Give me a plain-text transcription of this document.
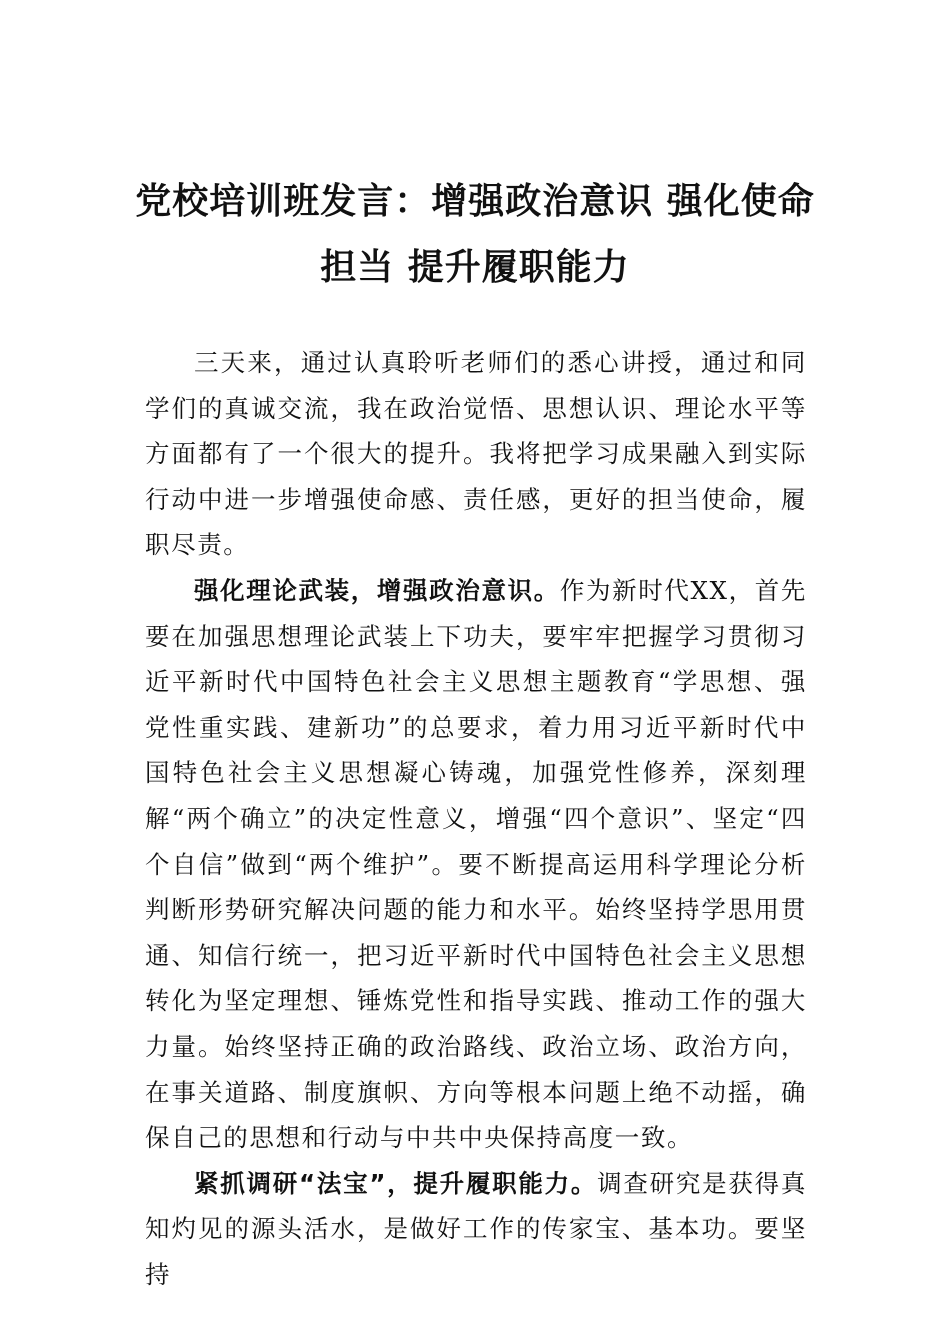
党校培训班发言：增强政治意识 强化使命
担当 提升履职能力

三天来，通过认真聆听老师们的悉心讲授，通过和同学们的真诚交流，我在政治觉悟、思想认识、理论水平等方面都有了一个很大的提升。我将把学习成果融入到实际行动中进一步增强使命感、责任感，更好的担当使命，履职尽责。

强化理论武装，增强政治意识。作为新时代XX，首先要在加强思想理论武装上下功夫，要牢牢把握学习贯彻习近平新时代中国特色社会主义思想主题教育“学思想、强党性重实践、建新功”的总要求，着力用习近平新时代中国特色社会主义思想凝心铸魂，加强党性修养，深刻理解“两个确立”的决定性意义，增强“四个意识”、坚定“四个自信”做到“两个维护”。要不断提高运用科学理论分析判断形势研究解决问题的能力和水平。始终坚持学思用贯通、知信行统一，把习近平新时代中国特色社会主义思想转化为坚定理想、锤炼党性和指导实践、推动工作的强大力量。始终坚持正确的政治路线、政治立场、政治方向，在事关道路、制度旗帜、方向等根本问题上绝不动摇，确保自己的思想和行动与中共中央保持高度一致。

紧抓调研“法宝”，提升履职能力。调查研究是获得真知灼见的源头活水，是做好工作的传家宝、基本功。要坚持
